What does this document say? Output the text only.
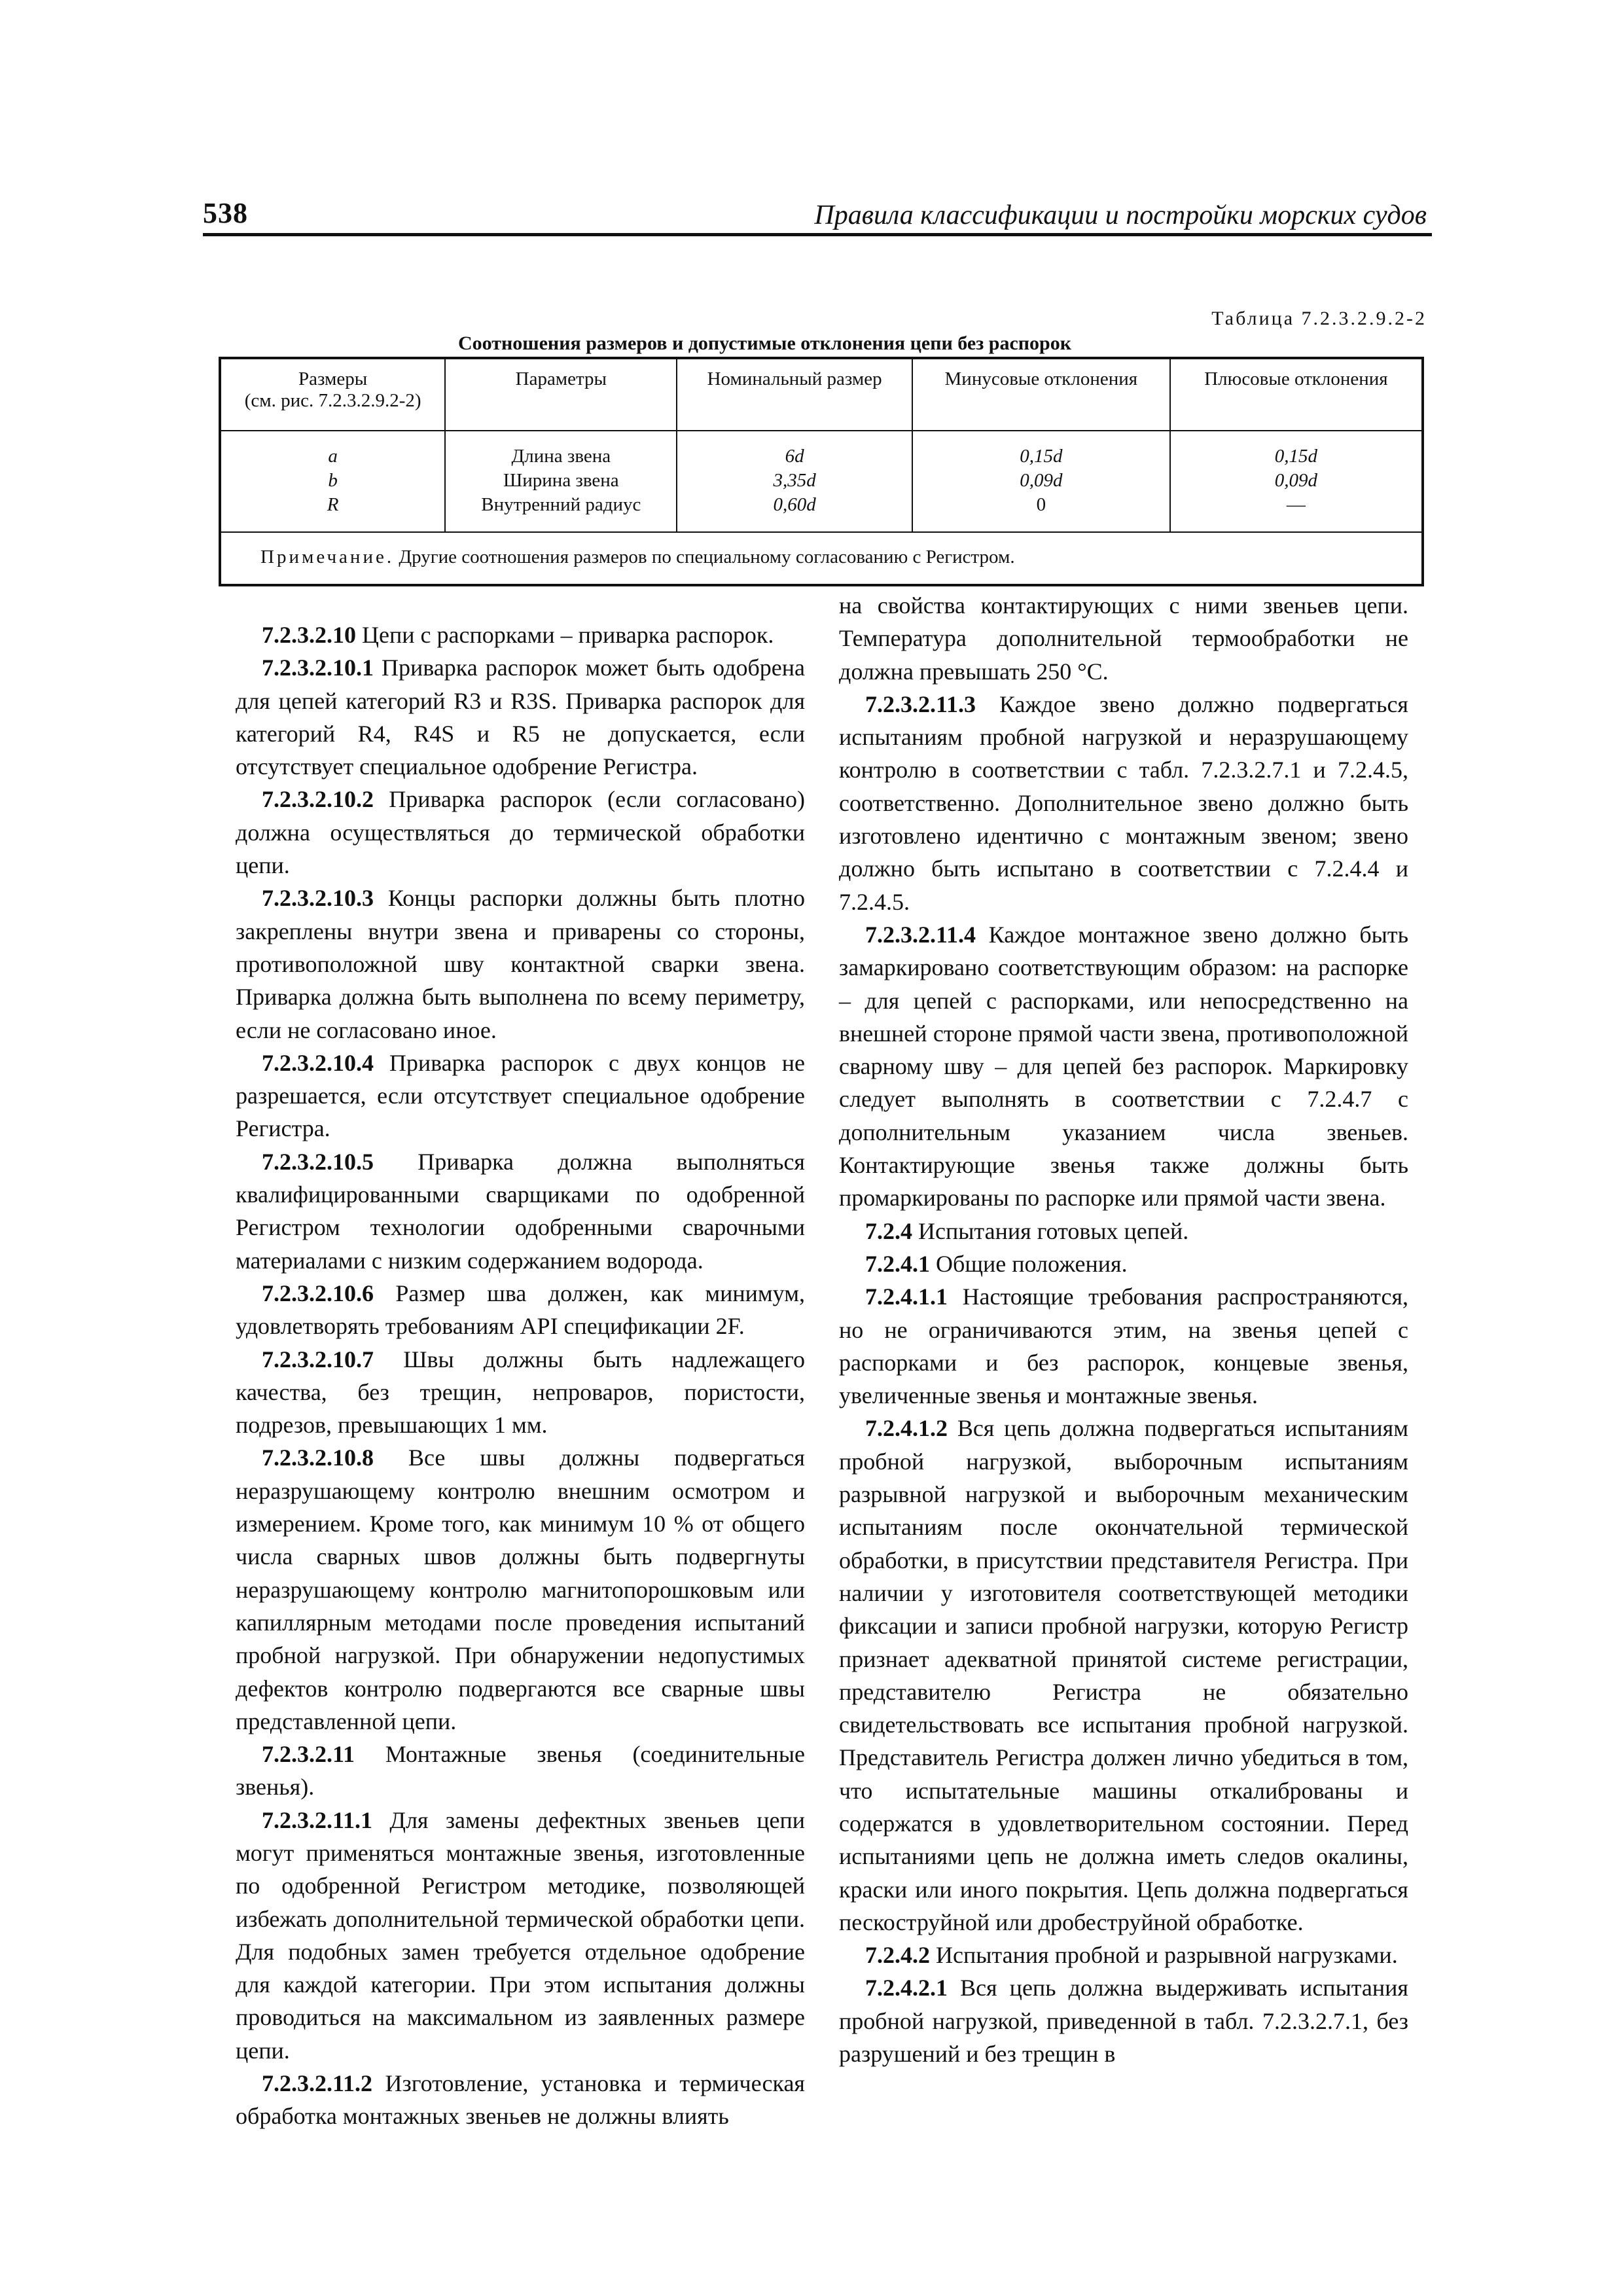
538	Правила классификации и постройки морских судов
Таблица 7.2.3.2.9.2-2
Соотношения размеров и допустимые отклонения цепи без распорок
Размеры
(см. рис. 7.2.3.2.9.2-2)	Параметры	Номинальный размер	Минусовые отклонения	Плюсовые отклонения
a	Длина звена	6d	0,15d	0,15d
b	Ширина звена	3,35d	0,09d	0,09d
R	Внутренний радиус	0,60d	0	—
Примечание. Другие соотношения размеров по специальному согласованию с Регистром.				

7.2.3.2.10 Цепи с распорками – приварка распорок.

7.2.3.2.10.1 Приварка распорок может быть одобрена для цепей категорий R3 и R3S. Приварка распорок для категорий R4, R4S и R5 не допускается, если отсутствует специальное одобрение Регистра.

7.2.3.2.10.2 Приварка распорок (если согласовано) должна осуществляться до термической обработки цепи.

7.2.3.2.10.3 Концы распорки должны быть плотно закреплены внутри звена и приварены со стороны, противоположной шву контактной сварки звена. Приварка должна быть выполнена по всему периметру, если не согласовано иное.

7.2.3.2.10.4 Приварка распорок с двух концов не разрешается, если отсутствует специальное одобрение Регистра.

7.2.3.2.10.5 Приварка должна выполняться квалифицированными сварщиками по одобренной Регистром технологии одобренными сварочными материалами с низким содержанием водорода.

7.2.3.2.10.6 Размер шва должен, как минимум, удовлетворять требованиям API спецификации 2F.

7.2.3.2.10.7 Швы должны быть надлежащего качества, без трещин, непроваров, пористости, подрезов, превышающих 1 мм.

7.2.3.2.10.8 Все швы должны подвергаться неразрушающему контролю внешним осмотром и измерением. Кроме того, как минимум 10 % от общего числа сварных швов должны быть подвергнуты неразрушающему контролю магнитопорошковым или капиллярным методами после проведения испытаний пробной нагрузкой. При обнаружении недопустимых дефектов контролю подвергаются все сварные швы представленной цепи.

7.2.3.2.11 Монтажные звенья (соединительные звенья).

7.2.3.2.11.1 Для замены дефектных звеньев цепи могут применяться монтажные звенья, изготовленные по одобренной Регистром методике, позволяющей избежать дополнительной термической обработки цепи. Для подобных замен требуется отдельное одобрение для каждой категории. При этом испытания должны проводиться на максимальном из заявленных размере цепи.

7.2.3.2.11.2 Изготовление, установка и термическая обработка монтажных звеньев не должны влиять

на свойства контактирующих с ними звеньев цепи. Температура дополнительной термообработки не должна превышать 250 °С.

7.2.3.2.11.3 Каждое звено должно подвергаться испытаниям пробной нагрузкой и неразрушающему контролю в соответствии с табл. 7.2.3.2.7.1 и 7.2.4.5, соответственно. Дополнительное звено должно быть изготовлено идентично с монтажным звеном; звено должно быть испытано в соответствии с 7.2.4.4 и 7.2.4.5.

7.2.3.2.11.4 Каждое монтажное звено должно быть замаркировано соответствующим образом: на распорке – для цепей с распорками, или непосредственно на внешней стороне прямой части звена, противоположной сварному шву – для цепей без распорок. Маркировку следует выполнять в соответствии с 7.2.4.7 с дополнительным указанием числа звеньев. Контактирующие звенья также должны быть промаркированы по распорке или прямой части звена.

7.2.4 Испытания готовых цепей.

7.2.4.1 Общие положения.

7.2.4.1.1 Настоящие требования распространяются, но не ограничиваются этим, на звенья цепей с распорками и без распорок, концевые звенья, увеличенные звенья и монтажные звенья.

7.2.4.1.2 Вся цепь должна подвергаться испытаниям пробной нагрузкой, выборочным испытаниям разрывной нагрузкой и выборочным механическим испытаниям после окончательной термической обработки, в присутствии представителя Регистра. При наличии у изготовителя соответствующей методики фиксации и записи пробной нагрузки, которую Регистр признает адекватной принятой системе регистрации, представителю Регистра не обязательно свидетельствовать все испытания пробной нагрузкой. Представитель Регистра должен лично убедиться в том, что испытательные машины откалиброваны и содержатся в удовлетворительном состоянии. Перед испытаниями цепь не должна иметь следов окалины, краски или иного покрытия. Цепь должна подвергаться пескоструйной или дробеструйной обработке.

7.2.4.2 Испытания пробной и разрывной нагрузками.

7.2.4.2.1 Вся цепь должна выдерживать испытания пробной нагрузкой, приведенной в табл. 7.2.3.2.7.1, без разрушений и без трещин в
